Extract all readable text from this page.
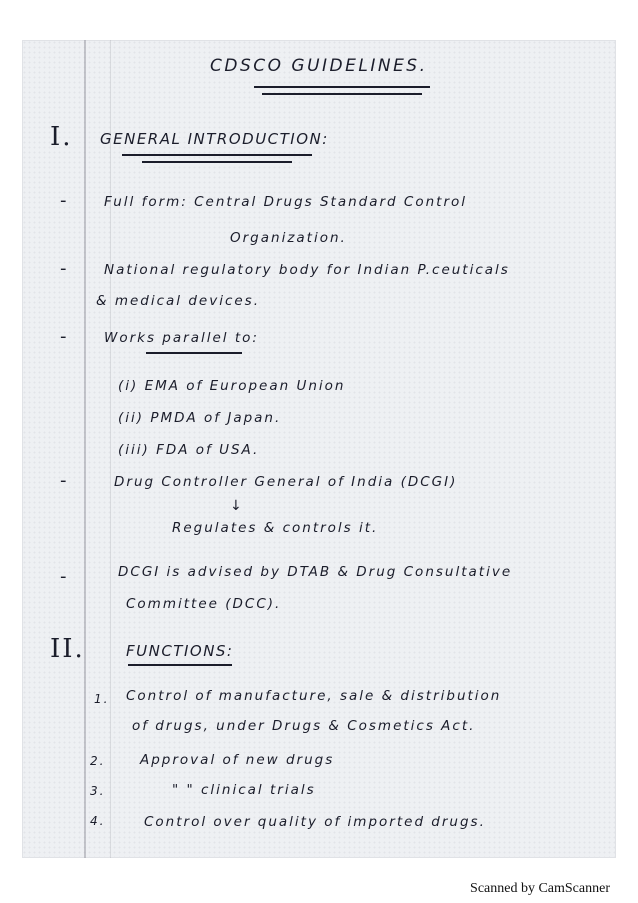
CDSCO GUIDELINES.

I. GENERAL INTRODUCTION:

-	Full form: Central Drugs Standard Control

Organization.

-	National regulatory body for Indian P.ceuticals

& medical devices.

-	Works parallel to:

(i) EMA of European Union

(ii) PMDA of Japan.

(iii) FDA of USA.

-	Drug Controller General of India (DCGI)

↓

Regulates & controls it.

-	DCGI is advised by DTAB & Drug Consultative

Committee (DCC).

II.	FUNCTIONS:

1. Control of manufacture, sale & distribution

of drugs, under Drugs & Cosmetics Act.

2.	Approval of new drugs

3.	" " clinical trials

4.	Control over quality of imported drugs.

Scanned by CamScanner
